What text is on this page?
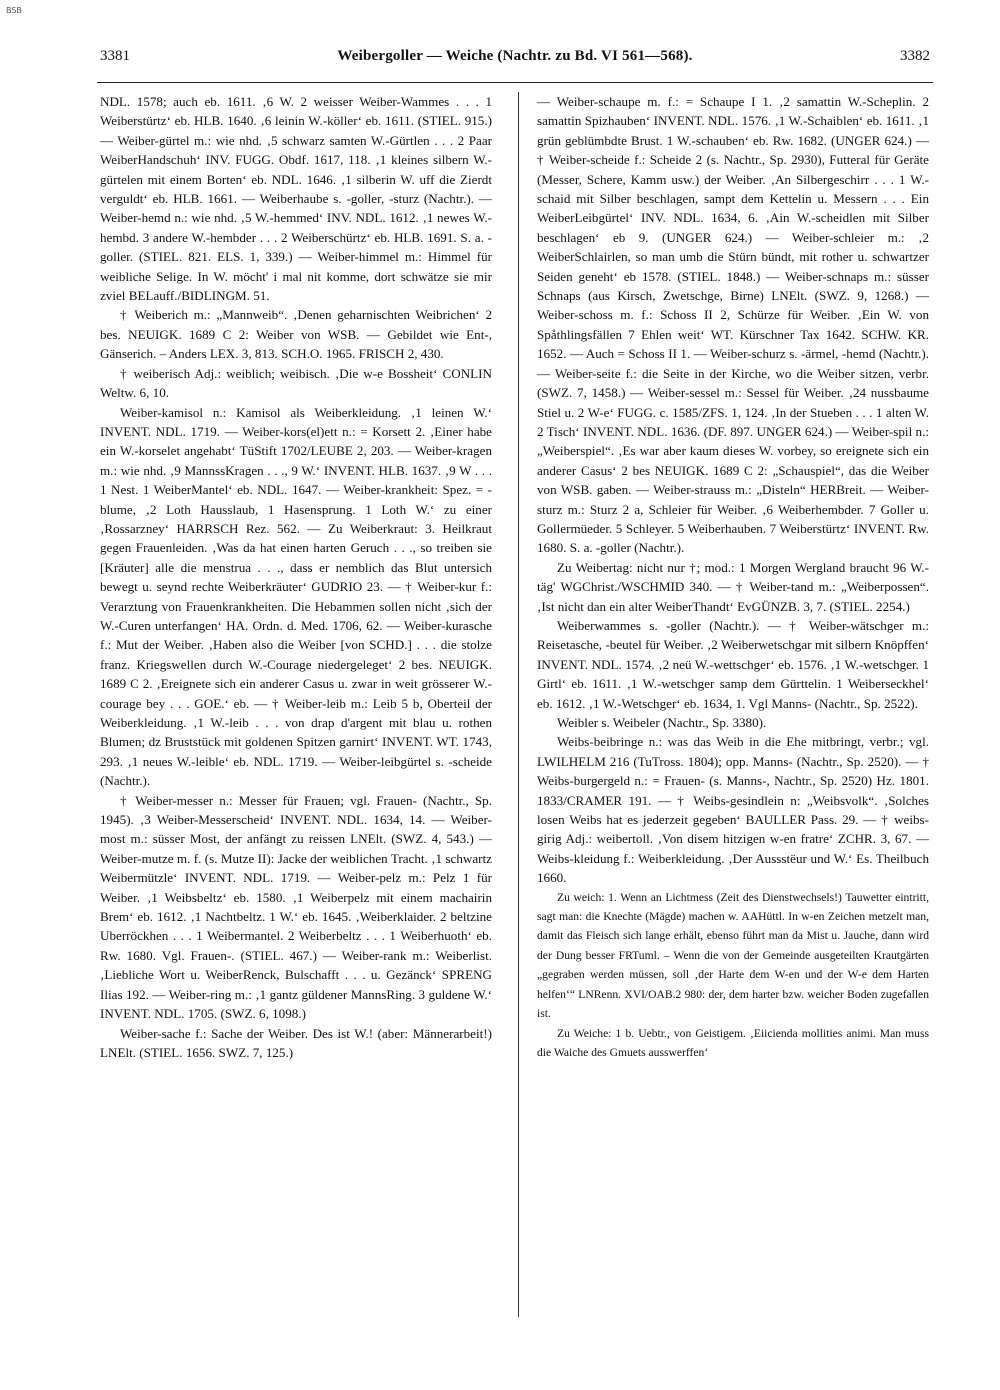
BSB
3381	Weibergoller — Weiche (Nachtr. zu Bd. VI 561—568).	3382

NDL. 1578; auch eb. 1611. ‚6 W. 2 weisser Weiber-Wammes . . . 1 Weiberstürtz‘ eb. HLB. 1640. ‚6 leinin W.-köller‘ eb. 1611. (STIEL. 915.) — Weiber-gürtel m.: wie nhd. ‚5 schwarz samten W.-Gürtlen . . . 2 Paar WeiberHandschuh‘ INV. FUGG. Obdf. 1617, 118. ‚1 kleines silbern W.-gürtelen mit einem Borten‘ eb. NDL. 1646. ‚1 silberin W. uff die Zierdt verguldt‘ eb. HLB. 1661. — Weiberhaube s. -goller, -sturz (Nachtr.). — Weiber-hemd n.: wie nhd. ‚5 W.-hemmed‘ INV. NDL. 1612. ‚1 newes W.-hembd. 3 andere W.-hembder . . . 2 Weiberschürtz‘ eb. HLB. 1691. S. a. -goller. (STIEL. 821. ELS. 1, 339.) — Weiber-himmel m.: Himmel für weibliche Selige. In W. möcht' i mal nit komme, dort schwätze sie mir zviel BELauff./BIDLINGM. 51.

† Weiberich m.: „Mannweib“. ‚Denen geharnischten Weibrichen‘ 2 bes. NEUIGK. 1689 C 2: Weiber von WSB. — Gebildet wie Ent-, Gänserich. – Anders LEX. 3, 813. SCH.O. 1965. FRISCH 2, 430.

† weiberisch Adj.: weiblich; weibisch. ‚Die w-e Bossheit‘ CONLIN Weltw. 6, 10.

Weiber-kamisol n.: Kamisol als Weiberkleidung. ‚1 leinen W.‘ INVENT. NDL. 1719. — Weiber-kors(el)ett n.: = Korsett 2. ‚Einer habe ein W.-korselet angehabt‘ TüStift 1702/LEUBE 2, 203. — Weiber-kragen m.: wie nhd. ‚9 MannssKragen . . ., 9 W.‘ INVENT. HLB. 1637. ‚9 W . . . 1 Nest. 1 WeiberMantel‘ eb. NDL. 1647. — Weiber-krankheit: Spez. = -blume, ‚2 Loth Hausslaub, 1 Hasensprung. 1 Loth W.‘ zu einer ‚Rossarzney‘ HARRSCH Rez. 562. — Zu Weiberkraut: 3. Heilkraut gegen Frauenleiden. ‚Was da hat einen harten Geruch . . ., so treiben sie [Kräuter] alle die menstrua . . ., dass er nemblich das Blut untersich bewegt u. seynd rechte Weiberkräuter‘ GUDRIO 23. — † Weiber-kur f.: Verarztung von Frauenkrankheiten. Die Hebammen sollen nicht ‚sich der W.-Curen unterfangen‘ HA. Ordn. d. Med. 1706, 62. — Weiber-kurasche f.: Mut der Weiber. ‚Haben also die Weiber [von SCHD.] . . . die stolze franz. Kriegswellen durch W.-Courage niedergeleget‘ 2 bes. NEUIGK. 1689 C 2. ‚Ereignete sich ein anderer Casus u. zwar in weit grösserer W.-courage bey . . . GOE.‘ eb. — † Weiber-leib m.: Leib 5 b, Oberteil der Weiberkleidung. ‚1 W.-leib . . . von drap d'argent mit blau u. rothen Blumen; dz Bruststück mit goldenen Spitzen garnirt‘ INVENT. WT. 1743, 293. ‚1 neues W.-leible‘ eb. NDL. 1719. — Weiber-leibgürtel s. -scheide (Nachtr.).

† Weiber-messer n.: Messer für Frauen; vgl. Frauen- (Nachtr., Sp. 1945). ‚3 Weiber-Messerscheid‘ INVENT. NDL. 1634, 14. — Weiber-most m.: süsser Most, der anfängt zu reissen LNElt. (SWZ. 4, 543.) — Weiber-mutze m. f. (s. Mutze II): Jacke der weiblichen Tracht. ‚1 schwartz Weibermützle‘ INVENT. NDL. 1719. — Weiber-pelz m.: Pelz 1 für Weiber. ‚1 Weibsbeltz‘ eb. 1580. ‚1 Weiberpelz mit einem machairin Brem‘ eb. 1612. ‚1 Nachtbeltz. 1 W.‘ eb. 1645. ‚Weiberklaider. 2 beltzine Uberröckhen . . . 1 Weibermantel. 2 Weiberbeltz . . . 1 Weiberhuoth‘ eb. Rw. 1680. Vgl. Frauen-. (STIEL. 467.) — Weiber-rank m.: Weiberlist. ‚Liebliche Wort u. WeiberRenck, Bulschafft . . . u. Gezänck‘ SPRENG Ilias 192. — Weiber-ring m.: ‚1 gantz güldener MannsRing. 3 guldene W.‘ INVENT. NDL. 1705. (SWZ. 6, 1098.)

Weiber-sache f.: Sache der Weiber. Des ist W.! (aber: Männerarbeit!) LNElt. (STIEL. 1656. SWZ. 7, 125.)

— Weiber-schaupe m. f.: = Schaupe I 1. ‚2 samattin W.-Scheplin. 2 samattin Spizhauben‘ INVENT. NDL. 1576. ‚1 W.-Schaiblen‘ eb. 1611. ‚1 grün geblümbdte Brust. 1 W.-schauben‘ eb. Rw. 1682. (UNGER 624.) — † Weiber-scheide f.: Scheide 2 (s. Nachtr., Sp. 2930), Futteral für Geräte (Messer, Schere, Kamm usw.) der Weiber. ‚An Silbergeschirr . . . 1 W.-schaid mit Silber beschlagen, sampt dem Kettelin u. Messern . . . Ein WeiberLeibgürtel‘ INV. NDL. 1634, 6. ‚Ain W.-scheidlen mit Silber beschlagen‘ eb 9. (UNGER 624.) — Weiber-schleier m.: ‚2 WeiberSchlairlen, so man umb die Stürn bündt, mit rother u. schwartzer Seiden geneht‘ eb 1578. (STIEL. 1848.) — Weiber-schnaps m.: süsser Schnaps (aus Kirsch, Zwetschge, Birne) LNElt. (SWZ. 9, 1268.) — Weiber-schoss m. f.: Schoss II 2, Schürze für Weiber. ‚Ein W. von Spåthlingsfällen 7 Ehlen weit‘ WT. Kürschner Tax 1642. SCHW. KR. 1652. — Auch = Schoss II 1. — Weiber-schurz s. -ärmel, -hemd (Nachtr.). — Weiber-seite f.: die Seite in der Kirche, wo die Weiber sitzen, verbr. (SWZ. 7, 1458.) — Weiber-sessel m.: Sessel für Weiber. ‚24 nussbaume Stiel u. 2 W-e‘ FUGG. c. 1585/ZFS. 1, 124. ‚In der Stueben . . . 1 alten W. 2 Tisch‘ INVENT. NDL. 1636. (DF. 897. UNGER 624.) — Weiber-spil n.: „Weiberspiel“. ‚Es war aber kaum dieses W. vorbey, so ereignete sich ein anderer Casus‘ 2 bes NEUIGK. 1689 C 2: „Schauspiel“, das die Weiber von WSB. gaben. — Weiber-strauss m.: „Disteln“ HERBreit. — Weiber-sturz m.: Sturz 2 a, Schleier für Weiber. ‚6 Weiberhembder. 7 Goller u. Gollermüeder. 5 Schleyer. 5 Weiberhauben. 7 Weiberstürtz‘ INVENT. Rw. 1680. S. a. -goller (Nachtr.).

Zu Weibertag: nicht nur †; mod.: 1 Morgen Wergland braucht 96 W.-täg' WGChrist./WSCHMID 340. — † Weiber-tand m.: „Weiberpossen“. ‚Ist nicht dan ein alter WeiberThandt‘ EvGÜNZB. 3, 7. (STIEL. 2254.)

Weiberwammes s. -goller (Nachtr.). — † Weiber-wätschger m.: Reisetasche, -beutel für Weiber. ‚2 Weiberwetschgar mit silbern Knöpffen‘ INVENT. NDL. 1574. ‚2 neü W.-wettschger‘ eb. 1576. ‚1 W.-wetschger. 1 Girtl‘ eb. 1611. ‚1 W.-wetschger samp dem Gürttelin. 1 Weiberseckhel‘ eb. 1612. ‚1 W.-Wetschger‘ eb. 1634, 1. Vgl Manns- (Nachtr., Sp. 2522).

Weibler s. Weibeler (Nachtr., Sp. 3380).

Weibs-beibringe n.: was das Weib in die Ehe mitbringt, verbr.; vgl. LWILHELM 216 (TuTross. 1804); opp. Manns- (Nachtr., Sp. 2520). — † Weibs-burgergeld n.: = Frauen- (s. Manns-, Nachtr., Sp. 2520) Hz. 1801. 1833/CRAMER 191. — † Weibs-gesindlein n: „Weibsvolk“. ‚Solches losen Weibs hat es jederzeit gegeben‘ BAULLER Pass. 29. — † weibs-girig Adj.: weibertoll. ‚Von disem hitzigen w-en fratre‘ ZCHR. 3, 67. — Weibs-kleidung f.: Weiberkleidung. ‚Der Aussstëur und W.‘ Es. Theilbuch 1660.

Zu weich: 1. Wenn an Lichtmess (Zeit des Dienstwechsels!) Tauwetter eintritt, sagt man: die Knechte (Mägde) machen w. AAHüttl. In w-en Zeichen metzelt man, damit das Fleisch sich lange erhält, ebenso führt man da Mist u. Jauche, dann wird der Dung besser FRTuml. – Wenn die von der Gemeinde ausgeteilten Krautgärten „gegraben werden müssen, soll ‚der Harte dem W-en und der W-e dem Harten helfen‘“ LNRenn. XVI/OAB.2 980: der, dem harter bzw. weicher Boden zugefallen ist.

Zu Weiche: 1 b. Uebtr., von Geistigem. ‚Eiicienda mollities animi. Man muss die Waiche des Gmuets ausswerffen‘
